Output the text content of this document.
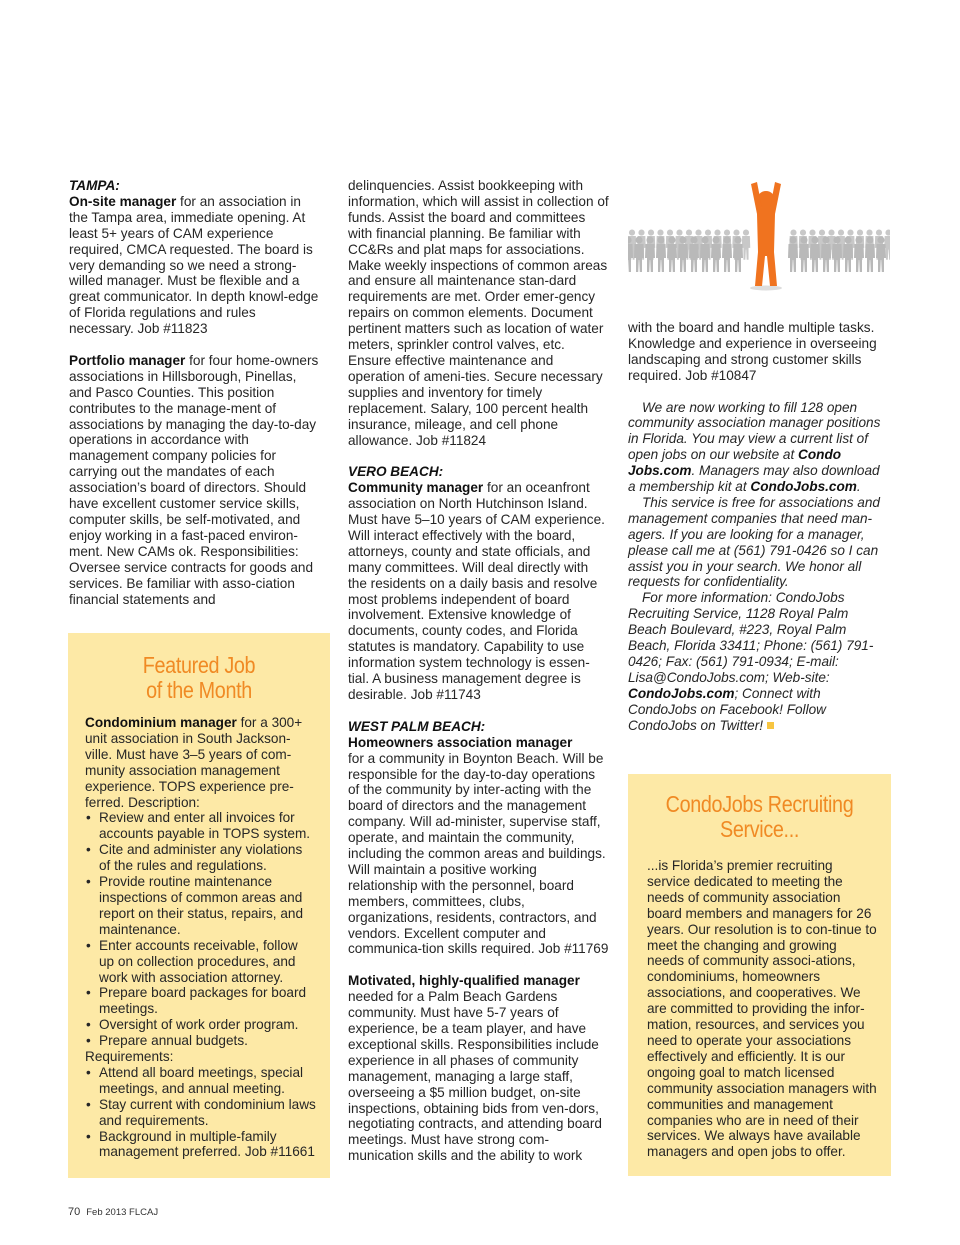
TAMPA:

On-site manager for an association in the Tampa area, immediate opening. At least 5+ years of CAM experience required, CMCA requested. The board is very demanding so we need a strong-willed manager. Must be flexible and a great communicator. In depth knowl-edge of Florida regulations and rules necessary. Job #11823

Portfolio manager for four home-owners associations in Hillsborough, Pinellas, and Pasco Counties. This position contributes to the manage-ment of associations by managing the day-to-day operations in accordance with management company policies for carrying out the mandates of each association’s board of directors. Should have excellent customer service skills, computer skills, be self-motivated, and enjoy working in a fast-paced environ-ment. New CAMs ok. Responsibilities: Oversee service contracts for goods and services. Be familiar with asso-ciation financial statements and

Featured Job
of the Month

Condominium manager for a 300+ unit association in South Jackson-ville. Must have 3–5 years of com-munity association management experience. TOPS experience pre-ferred. Description:

• Review and enter all invoices for accounts payable in TOPS system.
• Cite and administer any violations of the rules and regulations.
• Provide routine maintenance inspections of common areas and report on their status, repairs, and maintenance.
• Enter accounts receivable, follow up on collection procedures, and work with association attorney.
• Prepare board packages for board meetings.
• Oversight of work order program.
• Prepare annual budgets.

Requirements:

• Attend all board meetings, special meetings, and annual meeting.
• Stay current with condominium laws and requirements.
• Background in multiple-family management preferred. Job #11661

delinquencies. Assist bookkeeping with information, which will assist in collection of funds. Assist the board and committees with financial planning. Be familiar with CC&Rs and plat maps for associations. Make weekly inspections of common areas and ensure all maintenance stan-dard requirements are met. Order emer-gency repairs on common elements. Document pertinent matters such as location of water meters, sprinkler control valves, etc. Ensure effective maintenance and operation of ameni-ties. Secure necessary supplies and inventory for timely replacement. Salary, 100 percent health insurance, mileage, and cell phone allowance. Job #11824

VERO BEACH:

Community manager for an oceanfront association on North Hutchinson Island. Must have 5–10 years of CAM experience. Will interact effectively with the board, attorneys, county and state officials, and many committees. Will deal directly with the residents on a daily basis and resolve most problems independent of board involvement. Extensive knowledge of documents, county codes, and Florida statutes is mandatory. Capability to use information system technology is essen-tial. A business management degree is desirable. Job #11743

WEST PALM BEACH:

Homeowners association manager

for a community in Boynton Beach. Will be responsible for the day-to-day operations of the community by inter-acting with the board of directors and the management company. Will ad-minister, supervise staff, operate, and maintain the community, including the common areas and buildings. Will maintain a positive working relationship with the personnel, board members, committees, clubs, organizations, residents, contractors, and vendors. Excellent computer and communica-tion skills required. Job #11769

Motivated, highly-qualified manager

needed for a Palm Beach Gardens community. Must have 5-7 years of experience, be a team player, and have exceptional skills. Responsibilities include experience in all phases of community management, managing a large staff, overseeing a $5 million budget, on-site inspections, obtaining bids from ven-dors, negotiating contracts, and attending board meetings. Must have strong com-munication skills and the ability to work

with the board and handle multiple tasks. Knowledge and experience in overseeing landscaping and strong customer skills required. Job #10847

We are now working to fill 128 open community association manager positions in Florida. You may view a current list of open jobs on our website at Condo Jobs.com. Managers may also download a membership kit at CondoJobs.com.

This service is free for associations and management companies that need man-agers. If you are looking for a manager, please call me at (561) 791-0426 so I can assist you in your search. We honor all requests for confidentiality.

For more information: CondoJobs Recruiting Service, 1128 Royal Palm Beach Boulevard, #223, Royal Palm Beach, Florida 33411; Phone: (561) 791-0426; Fax: (561) 791-0934; E-mail: Lisa@CondoJobs.com; Web-site: CondoJobs.com; Connect with CondoJobs on Facebook! Follow CondoJobs on Twitter!

CondoJobs Recruiting
Service...

...is Florida’s premier recruiting service dedicated to meeting the needs of community association board members and managers for 26 years. Our resolution is to con-tinue to meet the changing and growing needs of community associ-ations, condominiums, homeowners associations, and cooperatives. We are committed to providing the infor-mation, resources, and services you need to operate your associations effectively and efficiently. It is our ongoing goal to match licensed community association managers with communities and management companies who are in need of their services. We always have available managers and open jobs to offer.

70 Feb 2013 FLCAJ
